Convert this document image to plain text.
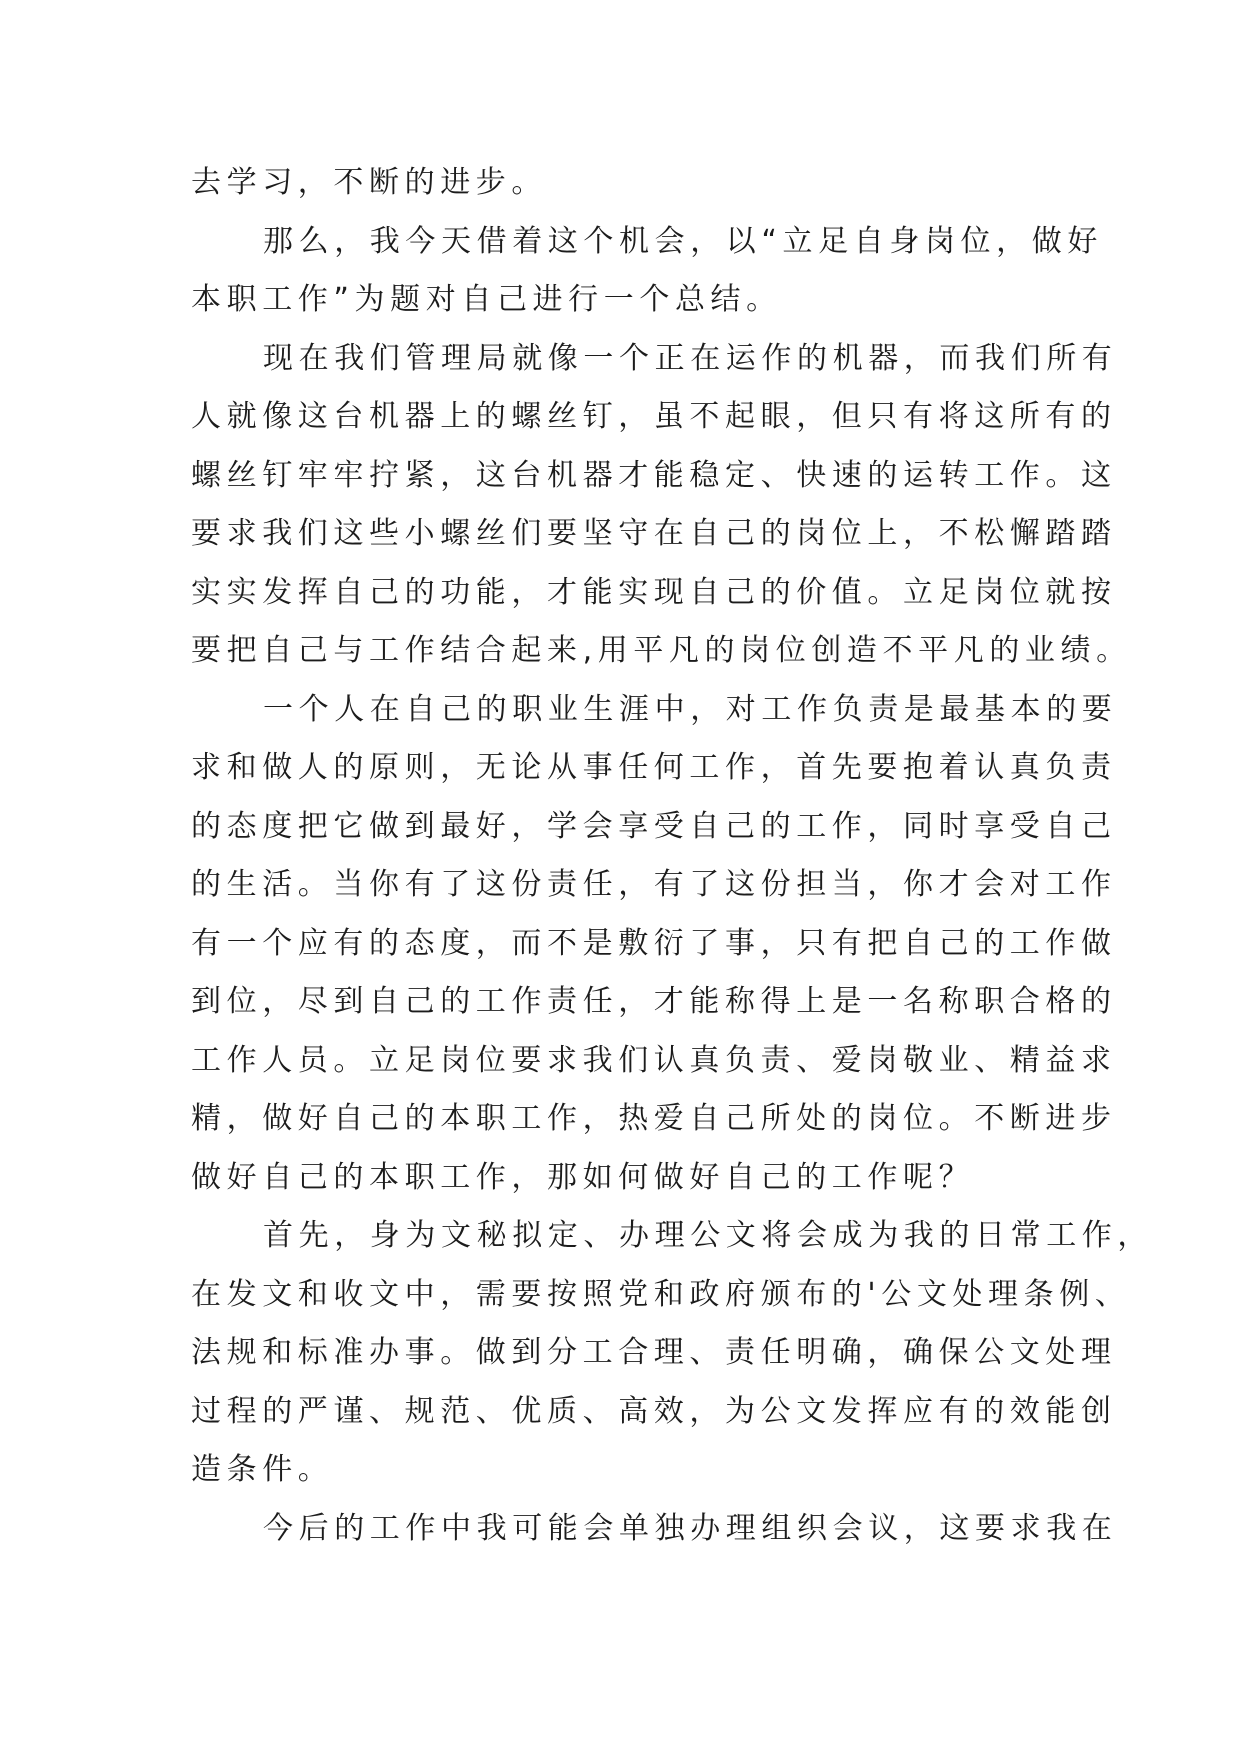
去学习，不断的进步。
那么，我今天借着这个机会，以“立足自身岗位，做好
本职工作”为题对自己进行一个总结。
现在我们管理局就像一个正在运作的机器，而我们所有
人就像这台机器上的螺丝钉，虽不起眼，但只有将这所有的
螺丝钉牢牢拧紧，这台机器才能稳定、快速的运转工作。这
要求我们这些小螺丝们要坚守在自己的岗位上，不松懈踏踏
实实发挥自己的功能，才能实现自己的价值。立足岗位就按
要把自己与工作结合起来,用平凡的岗位创造不平凡的业绩。
一个人在自己的职业生涯中，对工作负责是最基本的要
求和做人的原则，无论从事任何工作，首先要抱着认真负责
的态度把它做到最好，学会享受自己的工作，同时享受自己
的生活。当你有了这份责任，有了这份担当，你才会对工作
有一个应有的态度，而不是敷衍了事，只有把自己的工作做
到位，尽到自己的工作责任，才能称得上是一名称职合格的
工作人员。立足岗位要求我们认真负责、爱岗敬业、精益求
精，做好自己的本职工作，热爱自己所处的岗位。不断进步
做好自己的本职工作，那如何做好自己的工作呢？
首先，身为文秘拟定、办理公文将会成为我的日常工作，
在发文和收文中，需要按照党和政府颁布的'公文处理条例、
法规和标准办事。做到分工合理、责任明确，确保公文处理
过程的严谨、规范、优质、高效，为公文发挥应有的效能创
造条件。
今后的工作中我可能会单独办理组织会议，这要求我在
